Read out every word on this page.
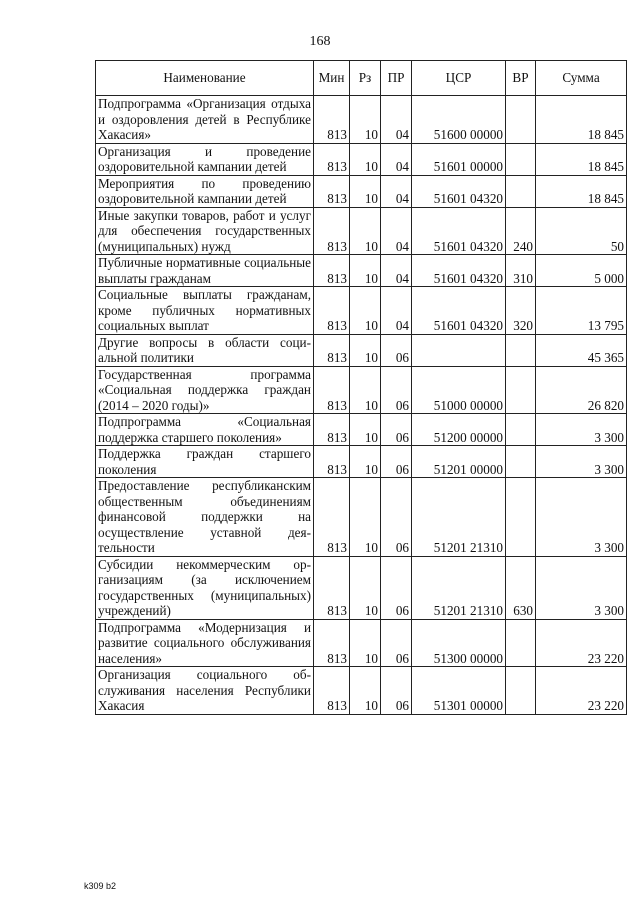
168
Наименование	Мин	Рз	ПР	ЦСР	ВР	Сумма
Подпрограмма «Организация отдыха и оздоровления детей в Республике Хакасия»	813	10	04	51600 00000		18 845
Организация и проведение оздоровительной кампании детей	813	10	04	51601 00000		18 845
Мероприятия по проведению оздоровительной кампании детей	813	10	04	51601 04320		18 845
Иные закупки товаров, работ и услуг для обеспечения государственных (муниципальных) нужд	813	10	04	51601 04320	240	50
Публичные нормативные социальные выплаты гражданам	813	10	04	51601 04320	310	5 000
Социальные выплаты гражданам, кроме публичных нормативных социальных выплат	813	10	04	51601 04320	320	13 795
Другие вопросы в области социальной политики	813	10	06			45 365
Государственная программа «Социальная поддержка граждан (2014 – 2020 годы)»	813	10	06	51000 00000		26 820
Подпрограмма «Социальная поддержка старшего поколения»	813	10	06	51200 00000		3 300
Поддержка граждан старшего поколения	813	10	06	51201 00000		3 300
Предоставление республиканским общественным объединениям финансовой поддержки на осуществление уставной деятельности	813	10	06	51201 21310		3 300
Субсидии некоммерческим организациям (за исключением государственных (муниципальных) учреждений)	813	10	06	51201 21310	630	3 300
Подпрограмма «Модернизация и развитие социального обслуживания населения»	813	10	06	51300 00000		23 220
Организация социального обслуживания населения Республики Хакасия	813	10	06	51301 00000		23 220
k309 b2
